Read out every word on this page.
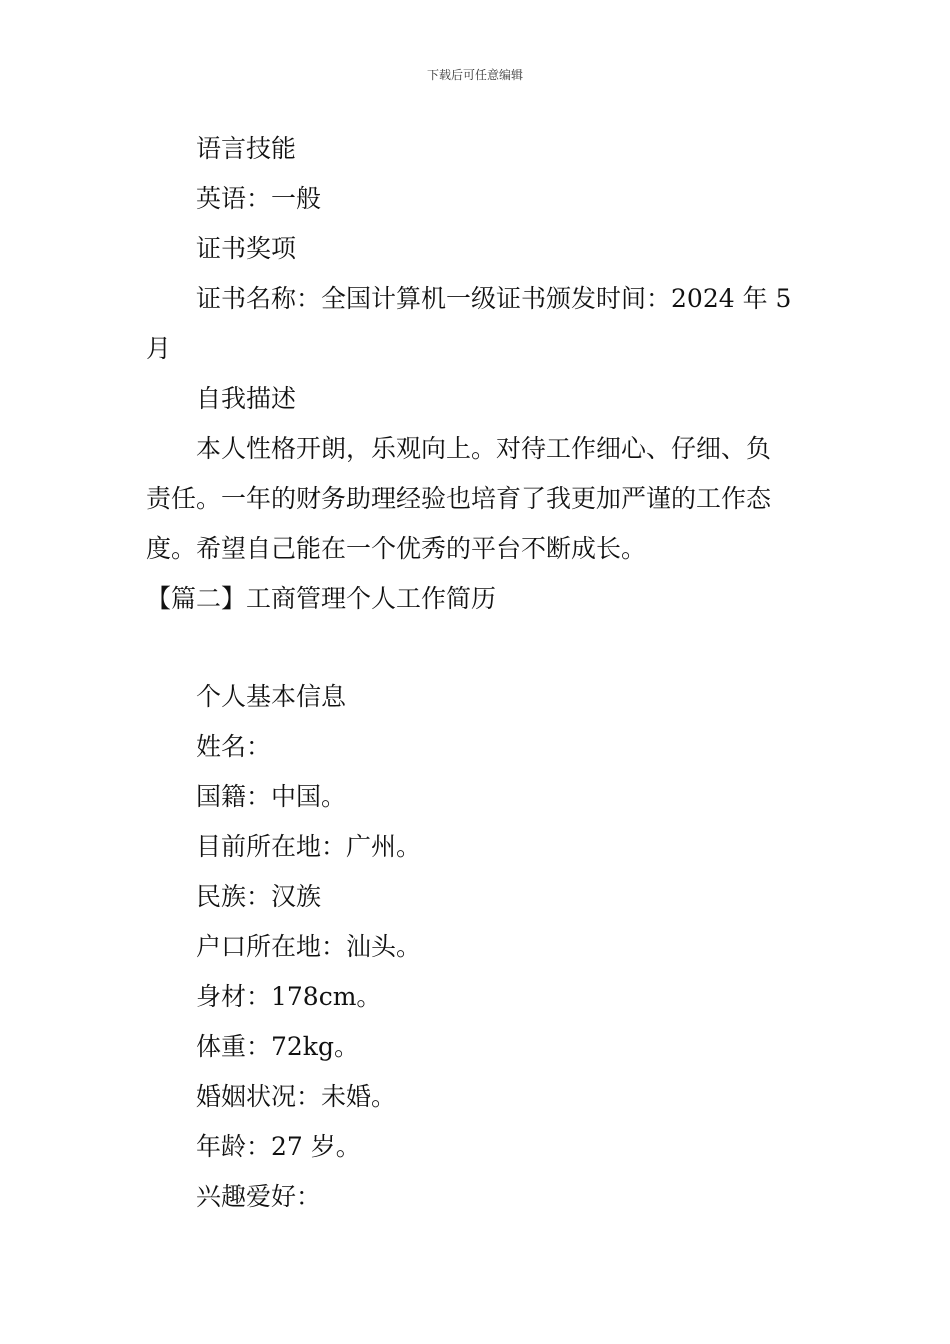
下载后可任意编辑
语言技能
英语：一般
证书奖项
证书名称：全国计算机一级证书颁发时间：2024 年 5
月
自我描述
本人性格开朗，乐观向上。对待工作细心、仔细、负
责任。一年的财务助理经验也培育了我更加严谨的工作态
度。希望自己能在一个优秀的平台不断成长。
【篇二】工商管理个人工作简历
个人基本信息
姓名：
国籍：中国。
目前所在地：广州。
民族：汉族
户口所在地：汕头。
身材：178cm。
体重：72kg。
婚姻状况：未婚。
年龄：27 岁。
兴趣爱好：
